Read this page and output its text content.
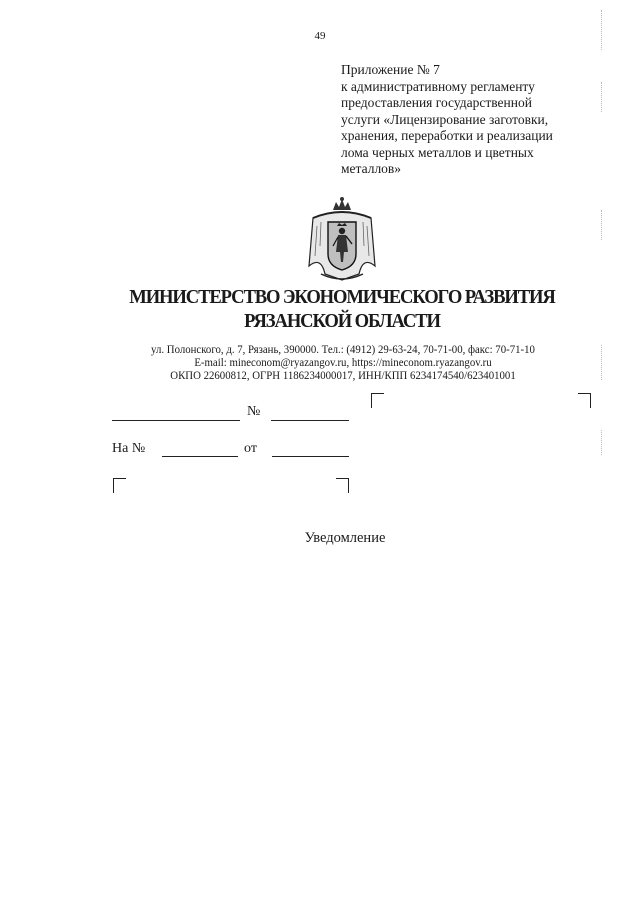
49
Приложение № 7
к административному регламенту
предоставления государственной
услуги «Лицензирование заготовки,
хранения, переработки и реализации
лома черных металлов и цветных
металлов»
МИНИСТЕРСТВО ЭКОНОМИЧЕСКОГО РАЗВИТИЯ
РЯЗАНСКОЙ ОБЛАСТИ
ул. Полонского, д. 7, Рязань, 390000. Тел.: (4912) 29-63-24, 70-71-00, факс: 70-71-10
E-mail: mineconom@ryazangov.ru, https://mineconom.ryazangov.ru
ОКПО 22600812, ОГРН 1186234000017, ИНН/КПП 6234174540/623401001
№
На №	от
Уведомление
